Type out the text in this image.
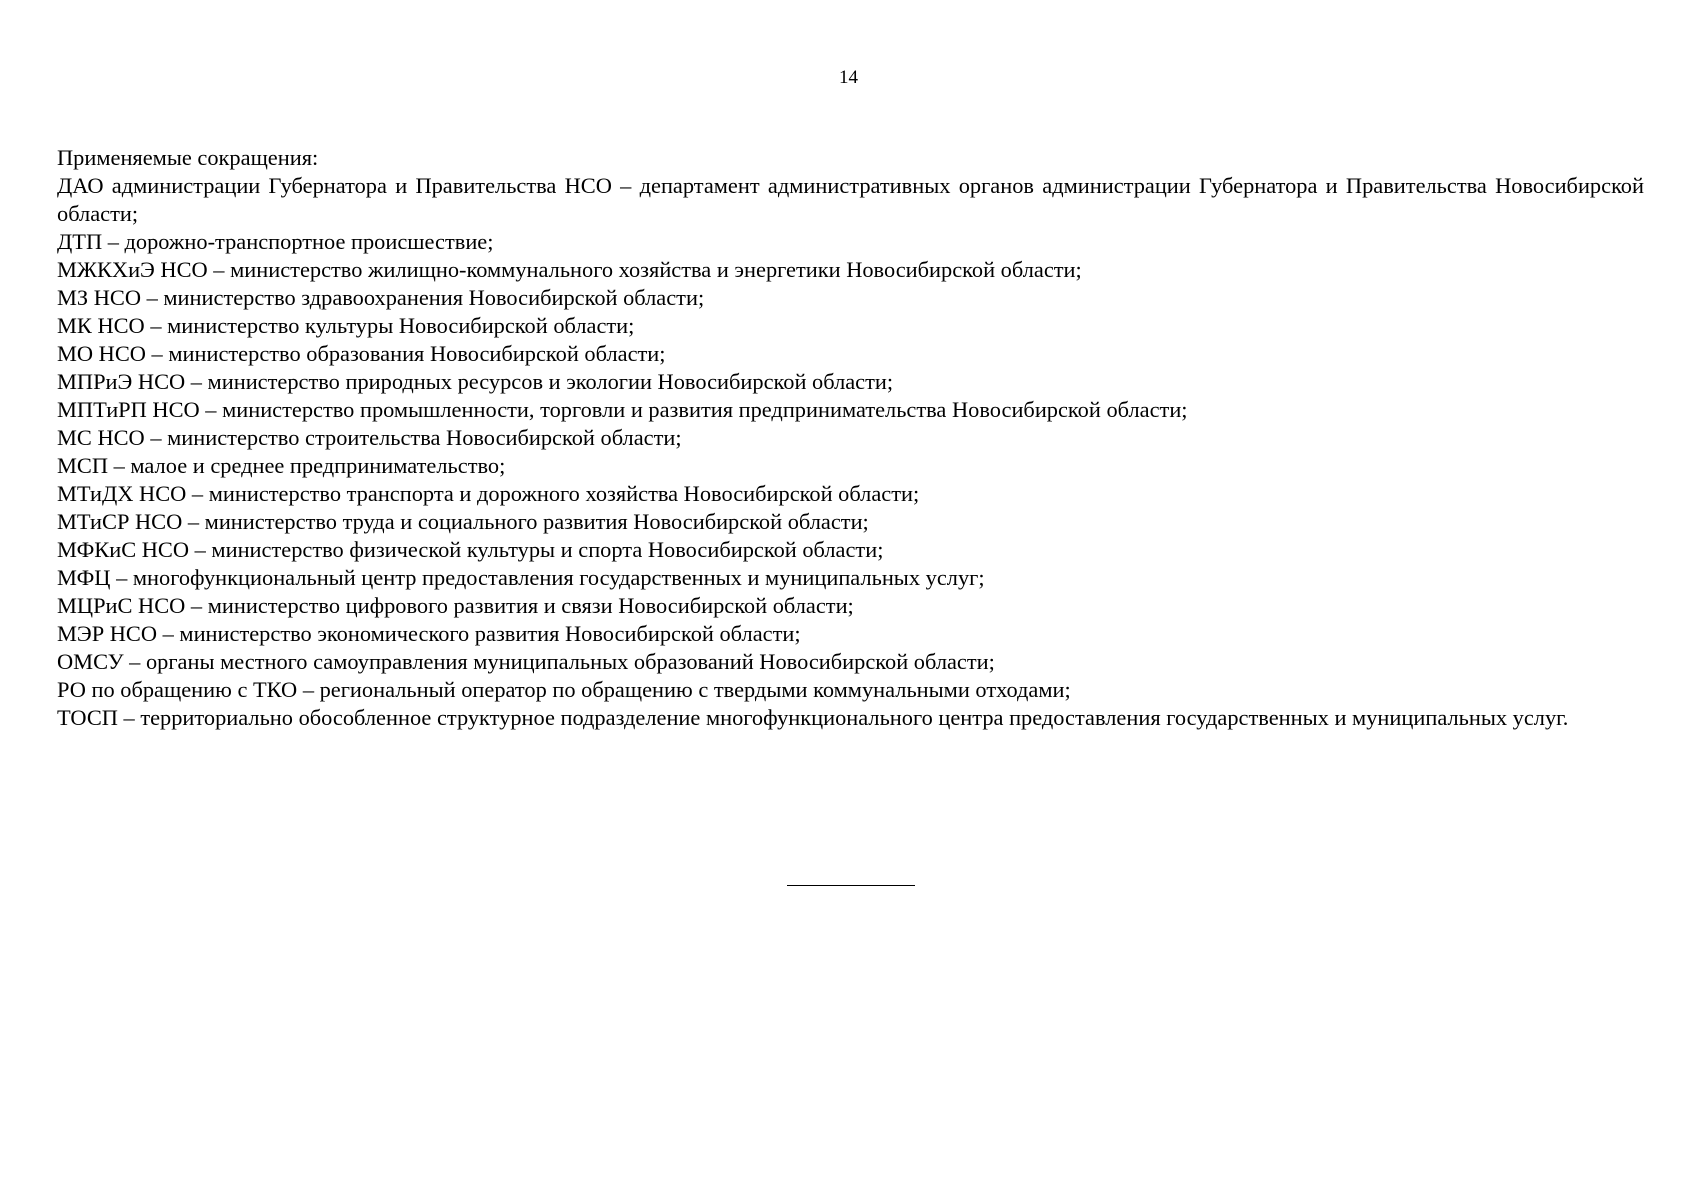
14

Применяемые сокращения:

ДАО администрации Губернатора и Правительства НСО – департамент административных органов администрации Губернатора и Правительства Новосибирской области;

ДТП – дорожно-транспортное происшествие;

МЖКХиЭ НСО – министерство жилищно-коммунального хозяйства и энергетики Новосибирской области;

МЗ НСО – министерство здравоохранения Новосибирской области;

МК НСО – министерство культуры Новосибирской области;

МО НСО – министерство образования Новосибирской области;

МПРиЭ НСО – министерство природных ресурсов и экологии Новосибирской области;

МПТиРП НСО – министерство промышленности, торговли и развития предпринимательства Новосибирской области;

МС НСО – министерство строительства Новосибирской области;

МСП – малое и среднее предпринимательство;

МТиДХ НСО – министерство транспорта и дорожного хозяйства Новосибирской области;

МТиСР НСО – министерство труда и социального развития Новосибирской области;

МФКиС НСО – министерство физической культуры и спорта Новосибирской области;

МФЦ – многофункциональный центр предоставления государственных и муниципальных услуг;

МЦРиС НСО – министерство цифрового развития и связи Новосибирской области;

МЭР НСО – министерство экономического развития Новосибирской области;

ОМСУ – органы местного самоуправления муниципальных образований Новосибирской области;

РО по обращению с ТКО – региональный оператор по обращению с твердыми коммунальными отходами;

ТОСП – территориально обособленное структурное подразделение многофункционального центра предоставления государственных и муниципальных услуг.
